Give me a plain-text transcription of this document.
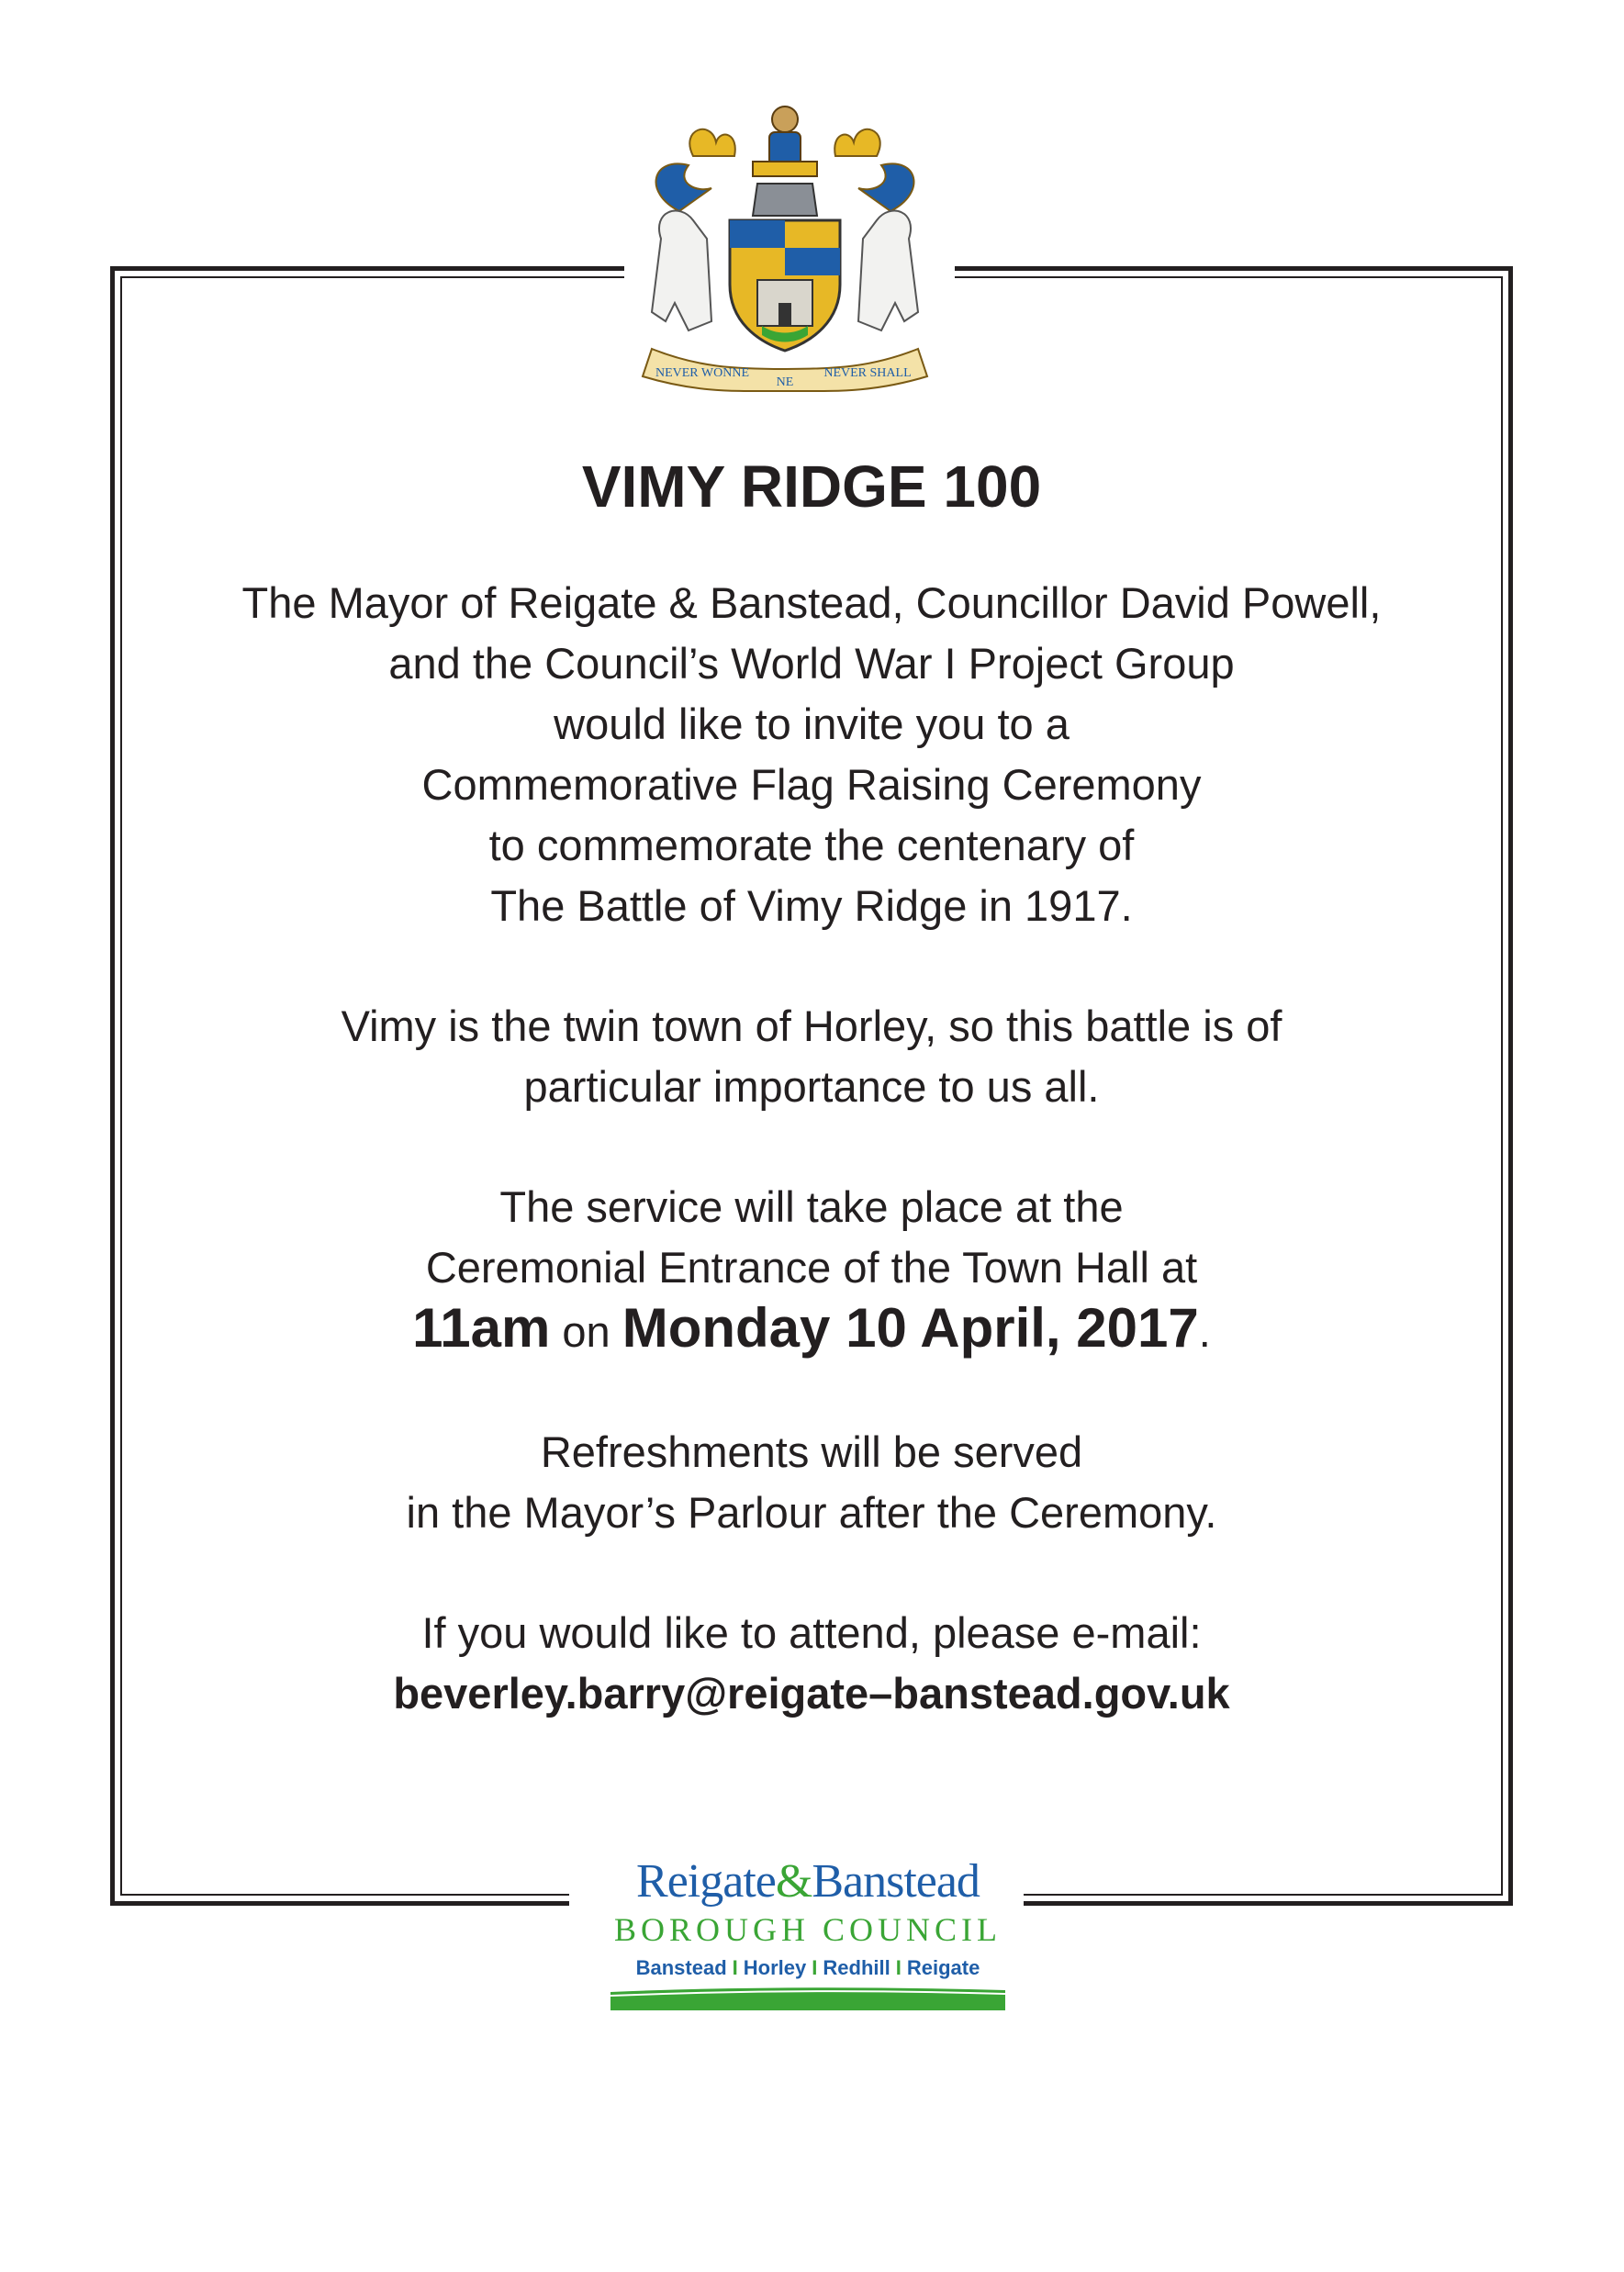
NEVER WONNE
NE
NEVER SHALL
VIMY RIDGE 100
The Mayor of Reigate & Banstead, Councillor David Powell,
and the Council’s World War I Project Group
would like to invite you to a
Commemorative Flag Raising Ceremony
to commemorate the centenary of
The Battle of Vimy Ridge in 1917.
Vimy is the twin town of Horley, so this battle is of
particular importance to us all.
The service will take place at the
Ceremonial Entrance of the Town Hall at
11am on Monday 10 April, 2017.
Refreshments will be served
in the Mayor’s Parlour after the Ceremony.
If you would like to attend, please e-mail:
beverley.barry@reigate–banstead.gov.uk
Reigate&Banstead
BOROUGH COUNCIL
Banstead I Horley I Redhill I Reigate
